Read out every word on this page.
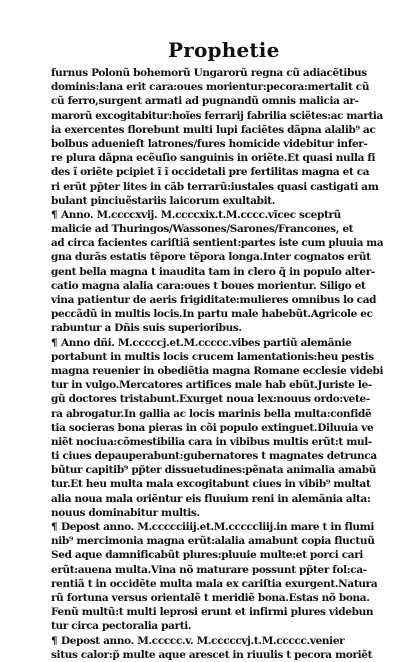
Prophetie
furnus Polonũ bohemorũ Ungarorũ regna cũ adiacẽtibus
dominis:lana erit cara:oues morientur:pecora:mertalit cũ
cũ ferro,surgent armati ad pugnandũ omnis malicia ar-
marorũ excogitabitur:hoĩes ferrarij fabrilia sciẽtes:ac martia
ia exercentes florebunt multi lupi faciẽtes dãpna alalib⁹ ac
bolbus aduenieſt latrones/fures homicide videbitur infer-
re plura dãpna ecẽuſio sanguinis in oriẽte.Et quasi nulla fi
des ĩ oriẽte pcipiet ĩ ĩ occidetali pre fertilitas magna et ca
ri erũt pp̃ter lites in cãb terrarũ:iustales quasi castigati am
bulant pinciuẽstariis laicorum exultabit.
¶ Anno. M.ccccxvij. M.ccccxix.t.M.cccc.vĩcec sceptrũ
malicie ad Thuringos/Wassones/Sarones/Francones, et
ad circa facientes cariſtiã sentient:partes iste cum pluuia ma
gna durãs estatis tẽpore tẽpora longa.Inter cognatos erũt
gent bella magna t inaudita tam in clero q̃ in populo alter-
catio magna alalia cara:oues t boues morientur. Siligo et
vina patientur de aeris frigiditate:mulieres omnibus lo cad
peccãdũ in multis locis.In partu male habebũt.Agricole ec
rabuntur a Dñis suis superioribus.
¶ Anno dñi. M.cccccj.et.M.ccccc.vibes partiũ alemãnie
portabunt in multis locis crucem lamentationis:heu pestis
magna reuenier in obediẽtia magna Romane ecclesie videbi
tur in vulgo.Mercatores artifices male hab ebũt.Juriste le-
gũ doctores tristabunt.Exurget noua lex:nouus ordo:vete-
ra abrogatur.In gallia ac locis marinis bella multa:confidẽ
tia socieras bona pieras in cõi populo extinguet.Diluuia ve
niẽt nociua:cõmestibilia cara in vibibus multis erũt:t mul-
ti ciues depauperabunt:gubernatores t magnates detrunca
bũtur capitib⁹ pp̃ter dissuetudines:pẽnata animalia amabũ
tur.Et heu multa mala excogitabunt ciues in vibib⁹ multat
alia noua mala oriẽntur eis fluuium reni in alemãnia alta:
nouus dominabitur multis.
¶ Depost anno. M.ccccciiij.et.M.cccccliij.in mare t in flumi
nib⁹ mercimonia magna erũt:alalia amabunt copia fluctuũ
Sed aque damnificabũt plures:pluuie multe:et porci cari
erũt:auena multa.Vina nõ maturare possunt pp̃ter fol:ca-
rentiã t in occidẽte multa mala ex cariſtia exurgent.Natura
rũ fortuna versus orientalẽ t meridiẽ bona.Estas nõ bona.
Fenũ multũ:t multi leprosi erunt et infirmi plures videbun
tur circa pectoralia parti.
¶ Depost anno. M.ccccc.v. M.cccccvj.t.M.ccccc.venier
situs calor:p̃ multe aque arescet in riuulis t pecora moriẽt
